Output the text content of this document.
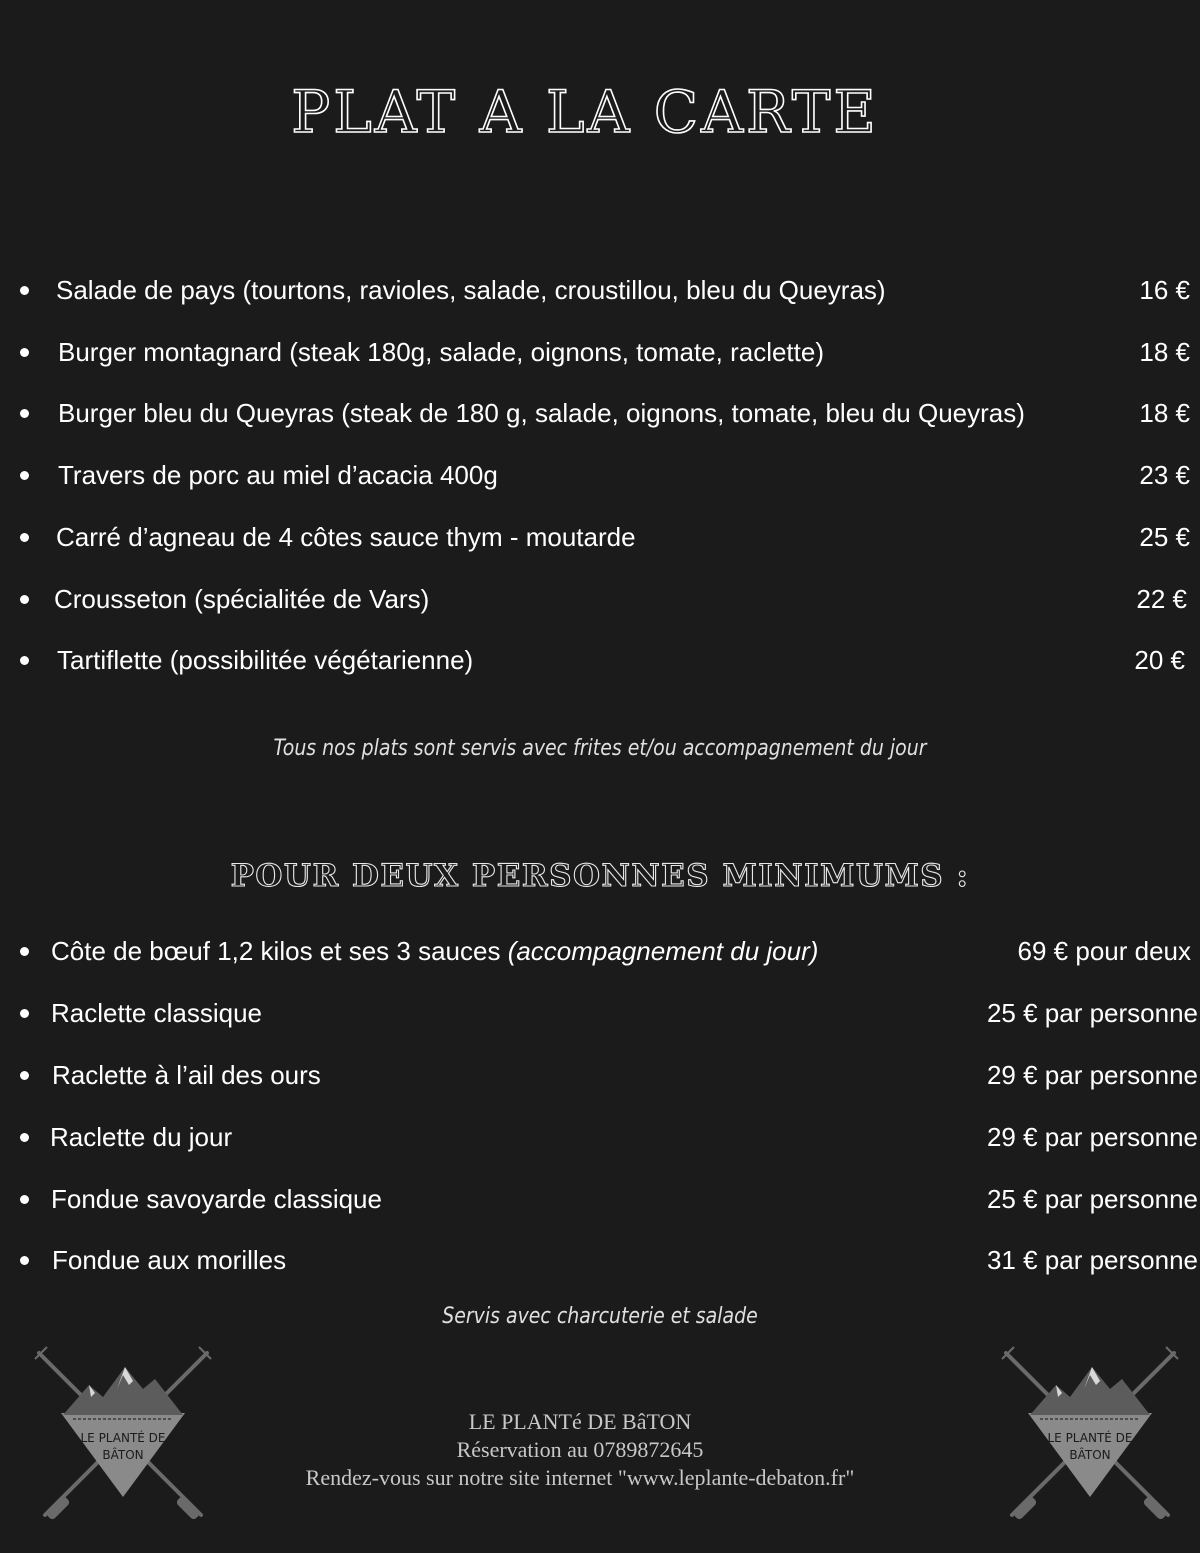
PLAT A LA CARTE
Salade de pays (tourtons, ravioles, salade, croustillou, bleu du Queyras)	16 €
Burger montagnard (steak 180g, salade, oignons, tomate, raclette)	18 €
Burger bleu du Queyras (steak de 180 g, salade, oignons, tomate, bleu du Queyras)	18 €
Travers de porc au miel d’acacia 400g	23 €
Carré d’agneau de 4 côtes sauce thym - moutarde	25 €
Crousseton (spécialitée de Vars)	22 €
Tartiflette (possibilitée végétarienne)	20 €
Tous nos plats sont servis avec frites et/ou accompagnement du jour
POUR DEUX PERSONNES MINIMUMS :
Côte de bœuf 1,2 kilos et ses 3 sauces (accompagnement du jour)	69 € pour deux
Raclette classique	25 € par personne
Raclette à l’ail des ours	29 € par personne
Raclette du jour	29 € par personne
Fondue savoyarde classique	25 € par personne
Fondue aux morilles	31 € par personne
Servis avec charcuterie et salade
LE PLANTÉ DE
BÂTON
LE PLANTÉ DE
BÂTON
LE PLANTé DE BâTON
Réservation au 0789872645
Rendez-vous sur notre site internet "www.leplante-debaton.fr"
